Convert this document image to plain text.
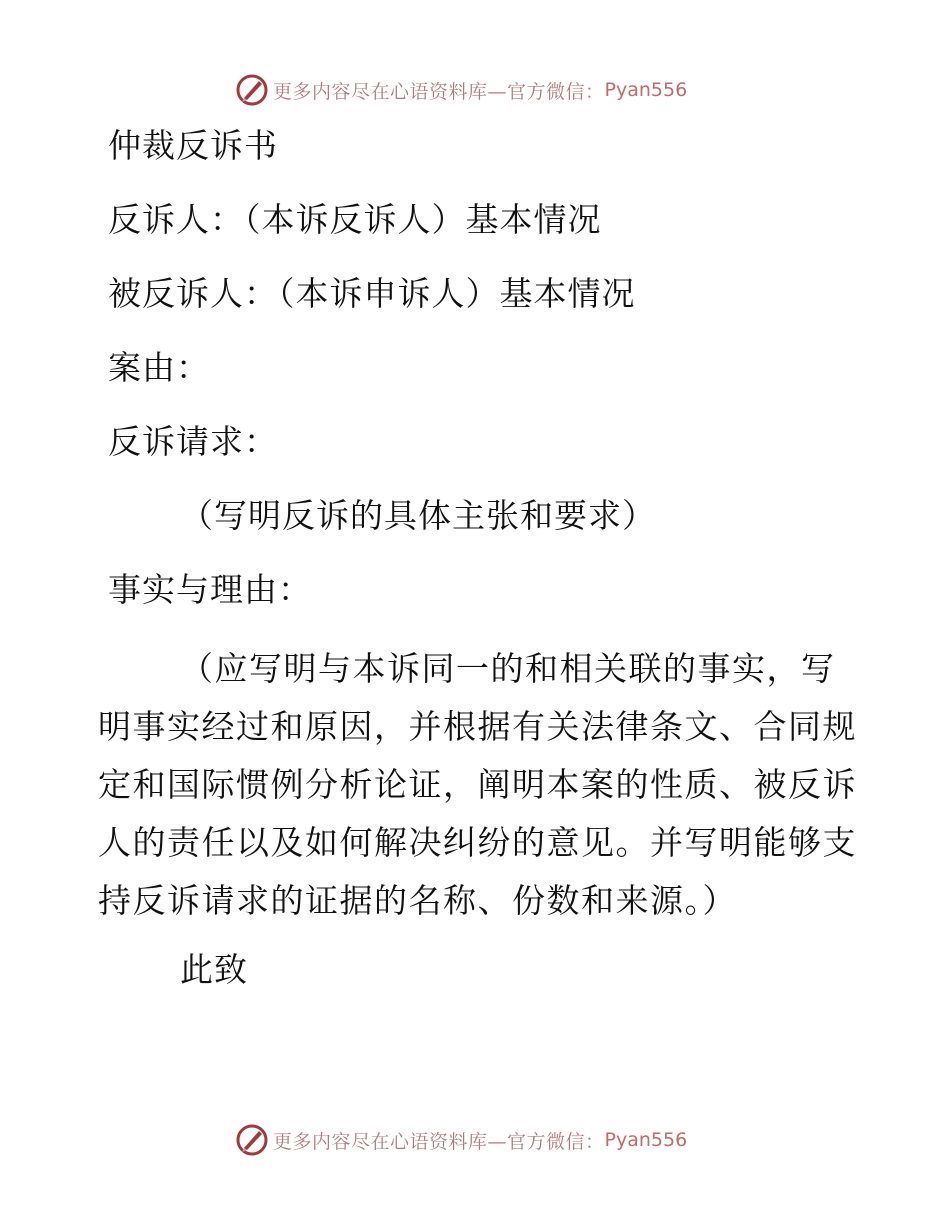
更多内容尽在心语资料库—官方微信： Pyan556
仲裁反诉书
反诉人：（本诉反诉人）基本情况
被反诉人：（本诉申诉人）基本情况
案由：
反诉请求：
（写明反诉的具体主张和要求）
事实与理由：
（应写明与本诉同一的和相关联的事实，写明事实经过和原因，并根据有关法律条文、合同规定和国际惯例分析论证，阐明本案的性质、被反诉人的责任以及如何解决纠纷的意见。并写明能够支持反诉请求的证据的名称、份数和来源。）
此致
更多内容尽在心语资料库—官方微信： Pyan556
